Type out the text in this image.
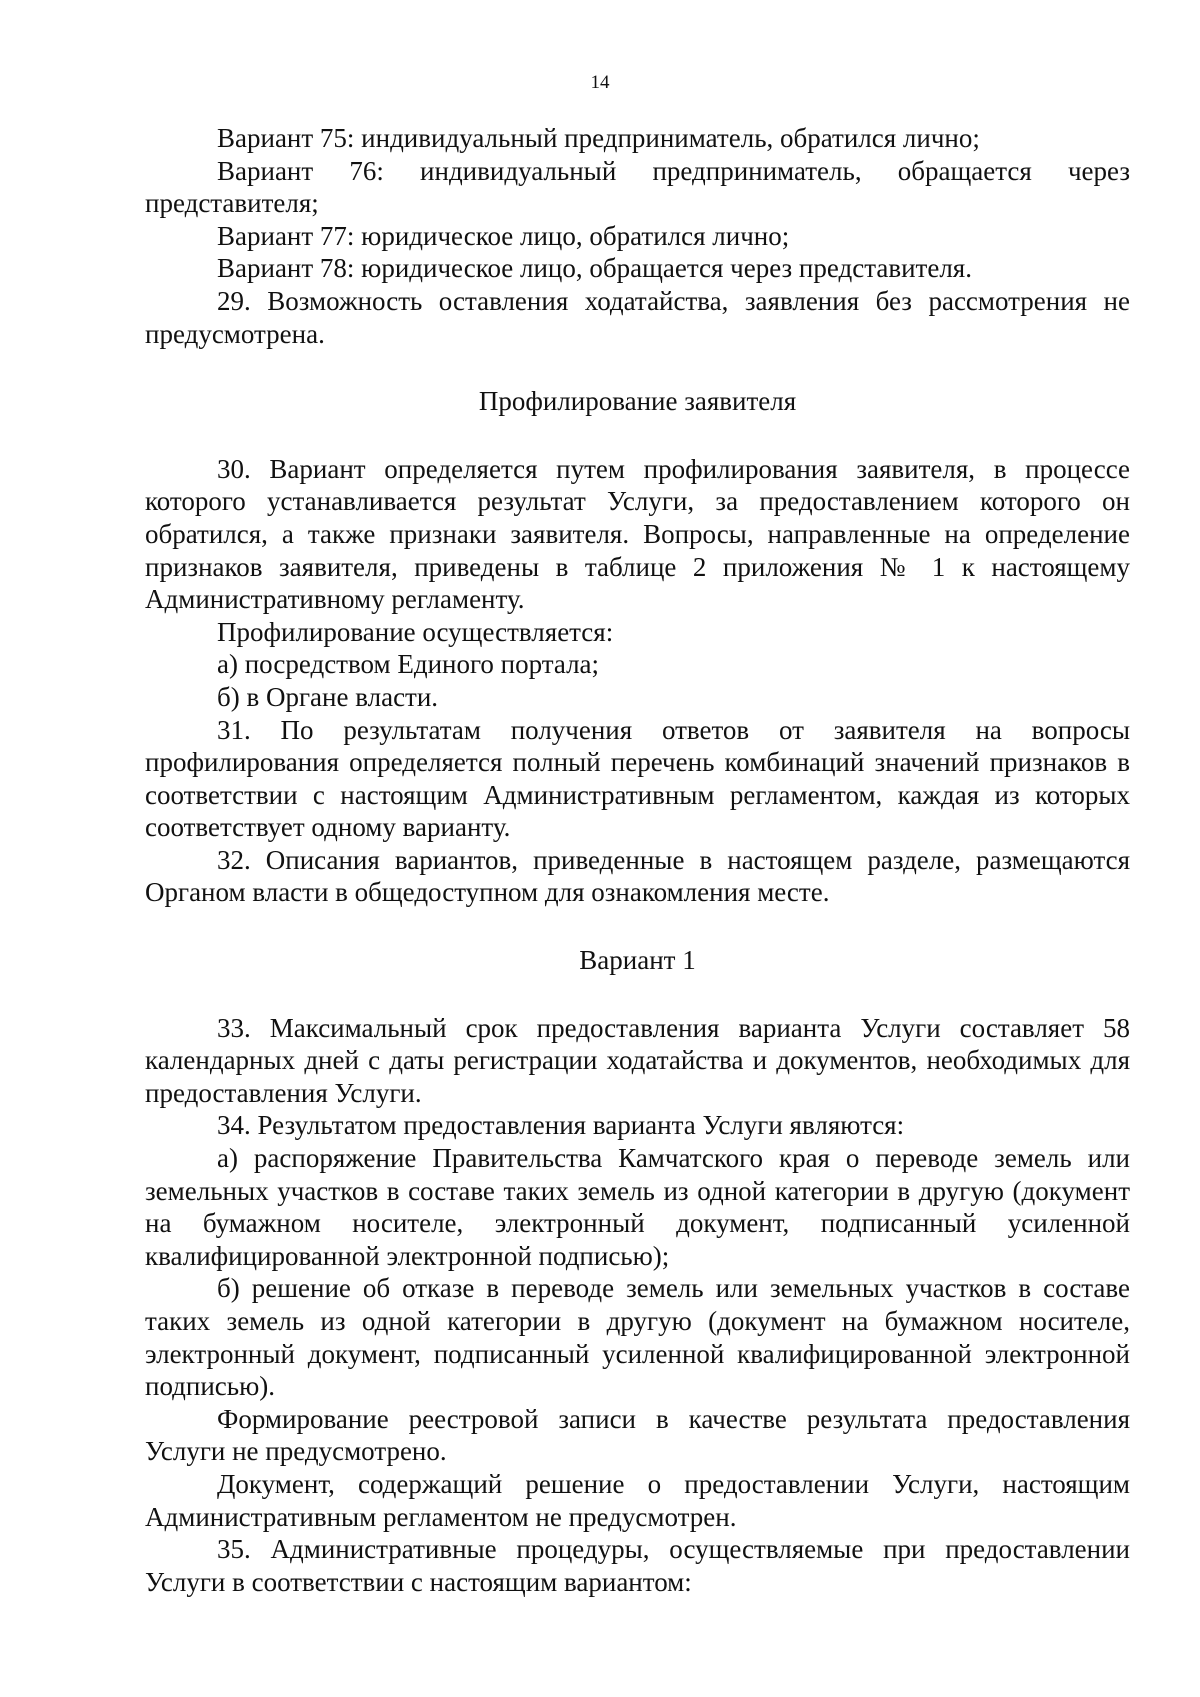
14

Вариант 75: индивидуальный предприниматель, обратился лично;

Вариант 76: индивидуальный предприниматель, обращается через представителя;

Вариант 77: юридическое лицо, обратился лично;

Вариант 78: юридическое лицо, обращается через представителя.

29. Возможность оставления ходатайства, заявления без рассмотрения не предусмотрена.

Профилирование заявителя

30. Вариант определяется путем профилирования заявителя, в процессе которого устанавливается результат Услуги, за предоставлением которого он обратился, а также признаки заявителя. Вопросы, направленные на определение признаков заявителя, приведены в таблице 2 приложения № 1 к настоящему Административному регламенту.

Профилирование осуществляется:

а) посредством Единого портала;

б) в Органе власти.

31. По результатам получения ответов от заявителя на вопросы профилирования определяется полный перечень комбинаций значений признаков в соответствии с настоящим Административным регламентом, каждая из которых соответствует одному варианту.

32. Описания вариантов, приведенные в настоящем разделе, размещаются Органом власти в общедоступном для ознакомления месте.

Вариант 1

33. Максимальный срок предоставления варианта Услуги составляет 58 календарных дней с даты регистрации ходатайства и документов, необходимых для предоставления Услуги.

34. Результатом предоставления варианта Услуги являются:

а) распоряжение Правительства Камчатского края о переводе земель или земельных участков в составе таких земель из одной категории в другую (документ на бумажном носителе, электронный документ, подписанный усиленной квалифицированной электронной подписью);

б) решение об отказе в переводе земель или земельных участков в составе таких земель из одной категории в другую (документ на бумажном носителе, электронный документ, подписанный усиленной квалифицированной электронной подписью).

Формирование реестровой записи в качестве результата предоставления Услуги не предусмотрено.

Документ, содержащий решение о предоставлении Услуги, настоящим Административным регламентом не предусмотрен.

35. Административные процедуры, осуществляемые при предоставлении Услуги в соответствии с настоящим вариантом:
